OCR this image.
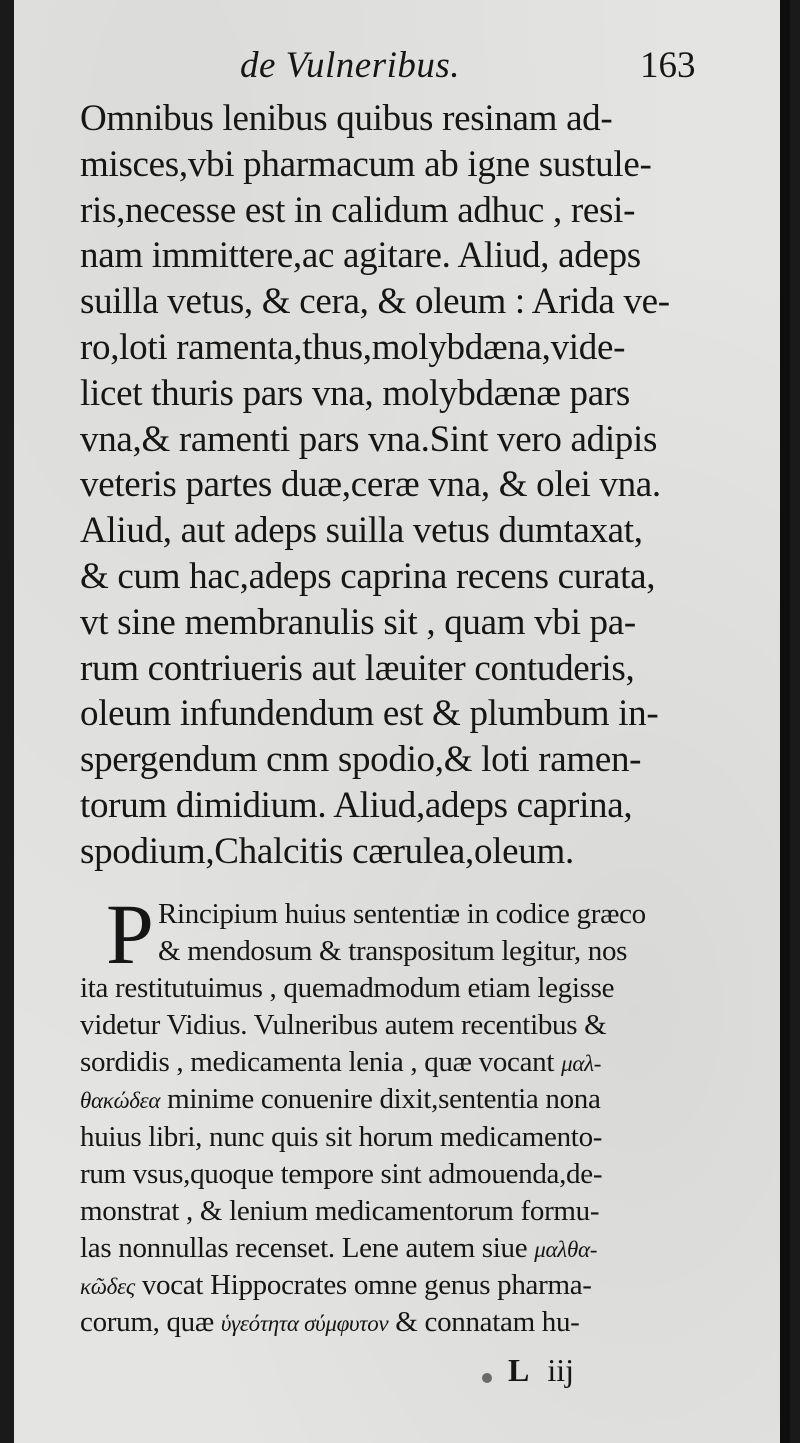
de Vulneribus.	163
Omnibus lenibus quibus resinam ad-
misces,vbi pharmacum ab igne sustule-
ris,necesse est in calidum adhuc , resi-
nam immittere,ac agitare. Aliud, adeps
suilla vetus, & cera, & oleum : Arida ve-
ro,loti ramenta,thus,molybdæna,vide-
licet thuris pars vna, molybdænæ pars
vna,& ramenti pars vna.Sint vero adipis
veteris partes duæ,ceræ vna, & olei vna.
Aliud, aut adeps suilla vetus dumtaxat,
& cum hac,adeps caprina recens curata,
vt sine membranulis sit , quam vbi pa-
rum contriueris aut læuiter contuderis,
oleum infundendum est & plumbum in-
spergendum cnm spodio,& loti ramen-
torum dimidium. Aliud,adeps caprina,
spodium,Chalcitis cærulea,oleum.
P Rincipium huius sententiæ in codice græco
& mendosum & transpositum legitur, nos
ita restitutuimus , quemadmodum etiam legisse
videtur Vidius. Vulneribus autem recentibus &
sordidis , medicamenta lenia , quæ vocant μαλ-
θακώδεα minime conuenire dixit,sententia nona
huius libri, nunc quis sit horum medicamento-
rum vsus,quoque tempore sint admouenda,de-
monstrat , & lenium medicamentorum formu-
las nonnullas recenset. Lene autem siue μαλθα-
κῶδες vocat Hippocrates omne genus pharma-
corum, quæ ὑγεότητα σύμφυτον & connatam hu-
L iij
